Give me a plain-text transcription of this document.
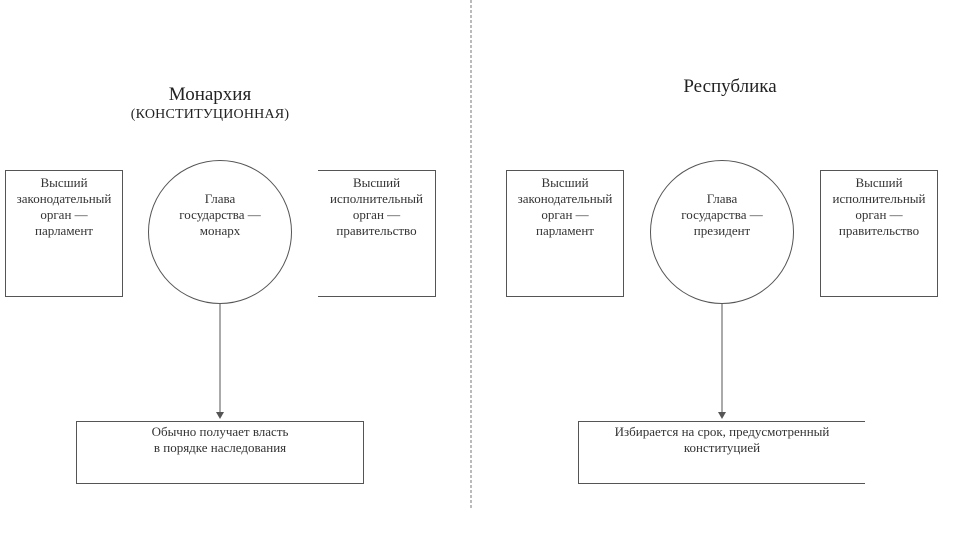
Монархия
(КОНСТИТУЦИОННАЯ)
Высший
законодательный
орган —
парламент
Глава
государства —
монарх
Высший
исполнительный
орган —
правительство
Обычно получает власть
в порядке наследования
Республика
Высший
законодательный
орган —
парламент
Глава
государства —
президент
Высший
исполнительный
орган —
правительство
Избирается на срок, предусмотренный
конституцией
